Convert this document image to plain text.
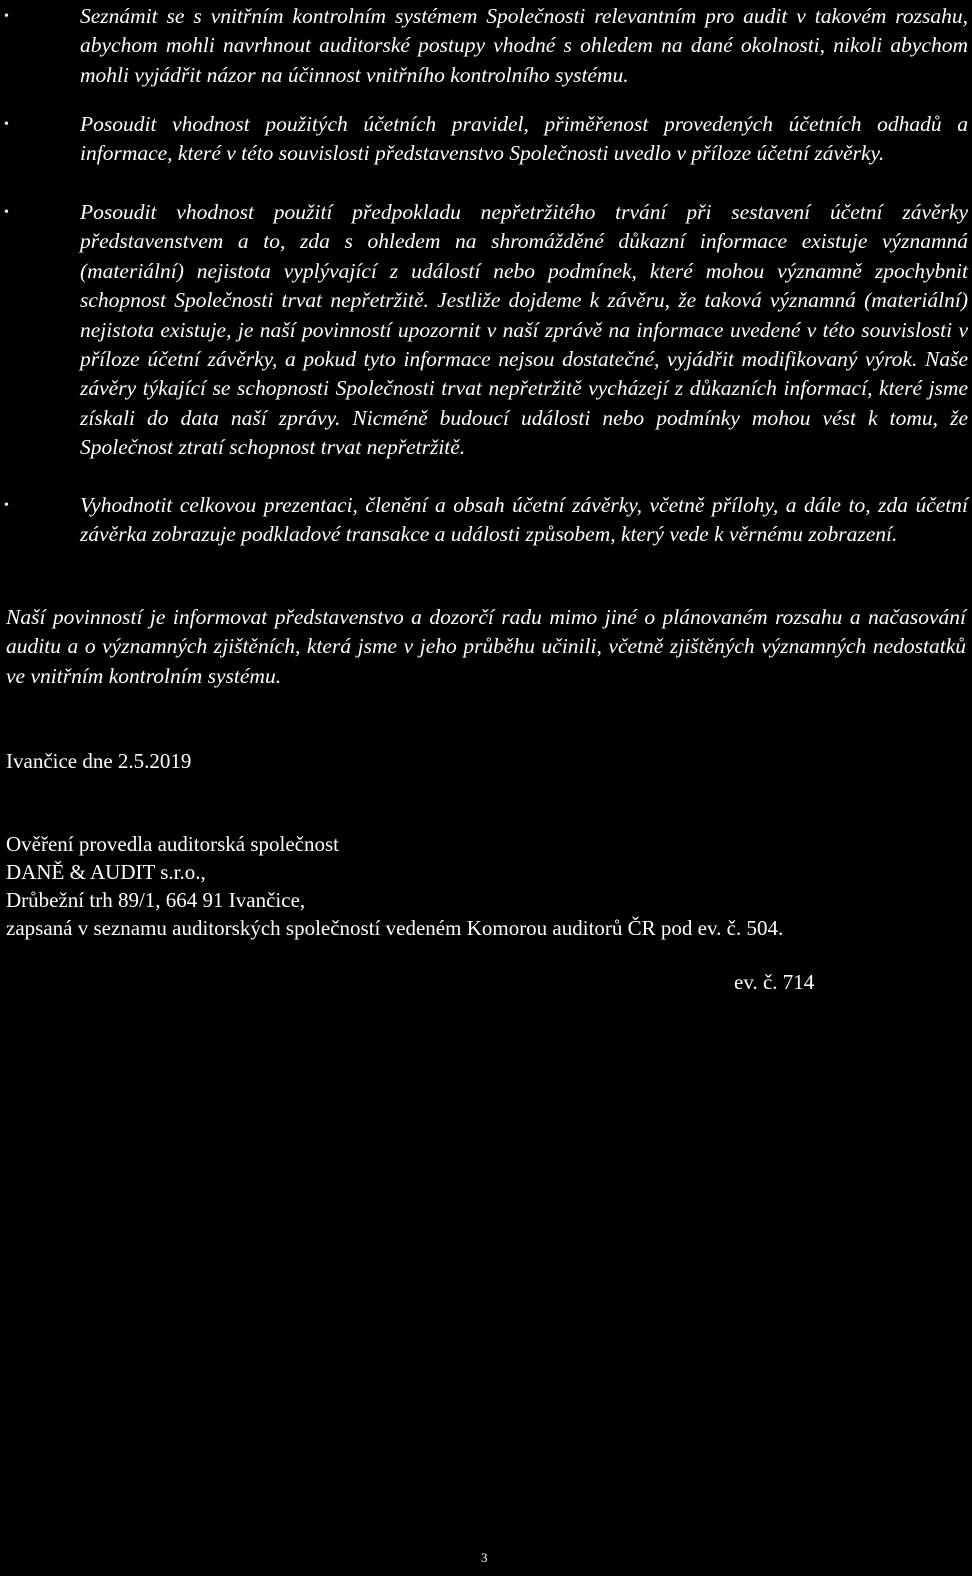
•	Seznámit se s vnitřním kontrolním systémem Společnosti relevantním pro audit v takovém rozsahu, abychom mohli navrhnout auditorské postupy vhodné s ohledem na dané okolnosti, nikoli abychom mohli vyjádřit názor na účinnost vnitřního kontrolního systému.
•	Posoudit vhodnost použitých účetních pravidel, přiměřenost provedených účetních odhadů a informace, které v této souvislosti představenstvo Společnosti uvedlo v příloze účetní závěrky.
•	Posoudit vhodnost použití předpokladu nepřetržitého trvání při sestavení účetní závěrky představenstvem a to, zda s ohledem na shromážděné důkazní informace existuje významná (materiální) nejistota vyplývající z událostí nebo podmínek, které mohou významně zpochybnit schopnost Společnosti trvat nepřetržitě. Jestliže dojdeme k závěru, že taková významná (materiální) nejistota existuje, je naší povinností upozornit v naší zprávě na informace uvedené v této souvislosti v příloze účetní závěrky, a pokud tyto informace nejsou dostatečné, vyjádřit modifikovaný výrok. Naše závěry týkající se schopnosti Společnosti trvat nepřetržitě vycházejí z důkazních informací, které jsme získali do data naší zprávy. Nicméně budoucí události nebo podmínky mohou vést k tomu, že Společnost ztratí schopnost trvat nepřetržitě.
•	Vyhodnotit celkovou prezentaci, členění a obsah účetní závěrky, včetně přílohy, a dále to, zda účetní závěrka zobrazuje podkladové transakce a události způsobem, který vede k věrnému zobrazení.

Naší povinností je informovat představenstvo a dozorčí radu mimo jiné o plánovaném rozsahu a načasování auditu a o významných zjištěních, která jsme v jeho průběhu učinili, včetně zjištěných významných nedostatků ve vnitřním kontrolním systému.

Ivančice dne 2.5.2019

Ověření provedla auditorská společnost
DANĚ & AUDIT s.r.o.,
Drůbežní trh 89/1, 664 91 Ivančice,
zapsaná v seznamu auditorských společností vedeném Komorou auditorů ČR pod ev. č. 504.

ev. č. 714

3
